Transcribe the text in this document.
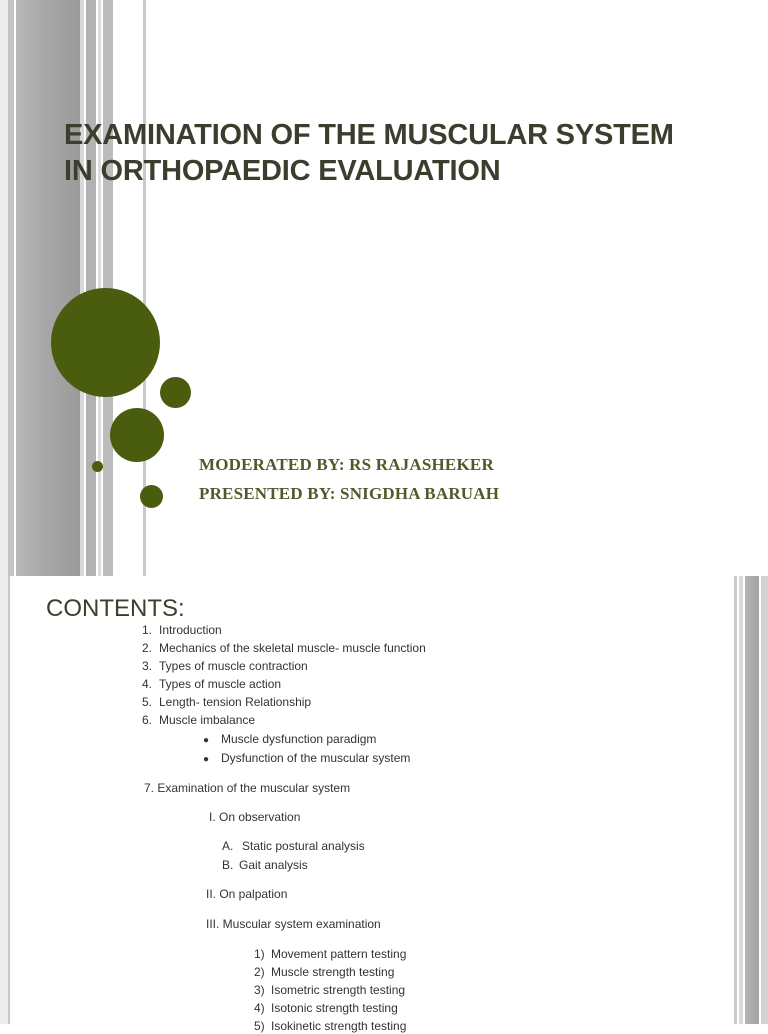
EXAMINATION OF THE MUSCULAR SYSTEM
IN ORTHOPAEDIC EVALUATION
MODERATED BY: RS RAJASHEKER
PRESENTED BY: SNIGDHA BARUAH
CONTENTS:
1. Introduction
2. Mechanics of the skeletal muscle- muscle function
3. Types of muscle contraction
4. Types of muscle action
5. Length- tension Relationship
6. Muscle imbalance
● Muscle dysfunction paradigm
● Dysfunction of the muscular system
7. Examination of the muscular system
I. On observation
A. Static postural analysis
B. Gait analysis
II. On palpation
III. Muscular system examination
1) Movement pattern testing
2) Muscle strength testing
3) Isometric strength testing
4) Isotonic strength testing
5) Isokinetic strength testing
